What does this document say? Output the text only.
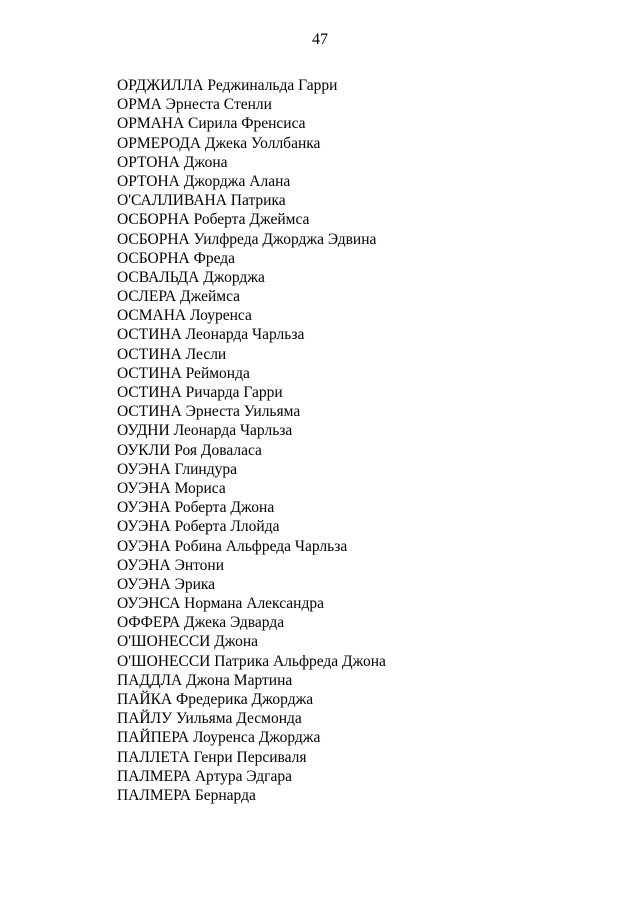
47
ОРДЖИЛЛА Реджинальда Гарри
ОРМА Эрнеста Стенли
ОРМАНА Сирила Френсиса
ОРМЕРОДА Джека Уоллбанка
ОРТОНА Джона
ОРТОНА Джорджа Алана
О'САЛЛИВАНА Патрика
ОСБОРНА Роберта Джеймса
ОСБОРНА Уилфреда Джорджа Эдвина
ОСБОРНА Фреда
ОСВАЛЬДА Джорджа
ОСЛЕРА Джеймса
ОСМАНА Лоуренса
ОСТИНА Леонарда Чарльза
ОСТИНА Лесли
ОСТИНА Реймонда
ОСТИНА Ричарда Гарри
ОСТИНА Эрнеста Уильяма
ОУДНИ Леонарда Чарльза
ОУКЛИ Роя Доваласа
ОУЭНА Глиндура
ОУЭНА Мориса
ОУЭНА Роберта Джона
ОУЭНА Роберта Ллойда
ОУЭНА Робина Альфреда Чарльза
ОУЭНА Энтони
ОУЭНА Эрика
ОУЭНСА Нормана Александра
ОФФЕРА Джека Эдварда
О'ШОНЕССИ Джона
О'ШОНЕССИ Патрика Альфреда Джона
ПАДДЛА Джона Мартина
ПАЙКА Фредерика Джорджа
ПАЙЛУ Уильяма Десмонда
ПАЙПЕРА Лоуренса Джорджа
ПАЛЛЕТА Генри Персиваля
ПАЛМЕРА Артура Эдгара
ПАЛМЕРА Бернарда
